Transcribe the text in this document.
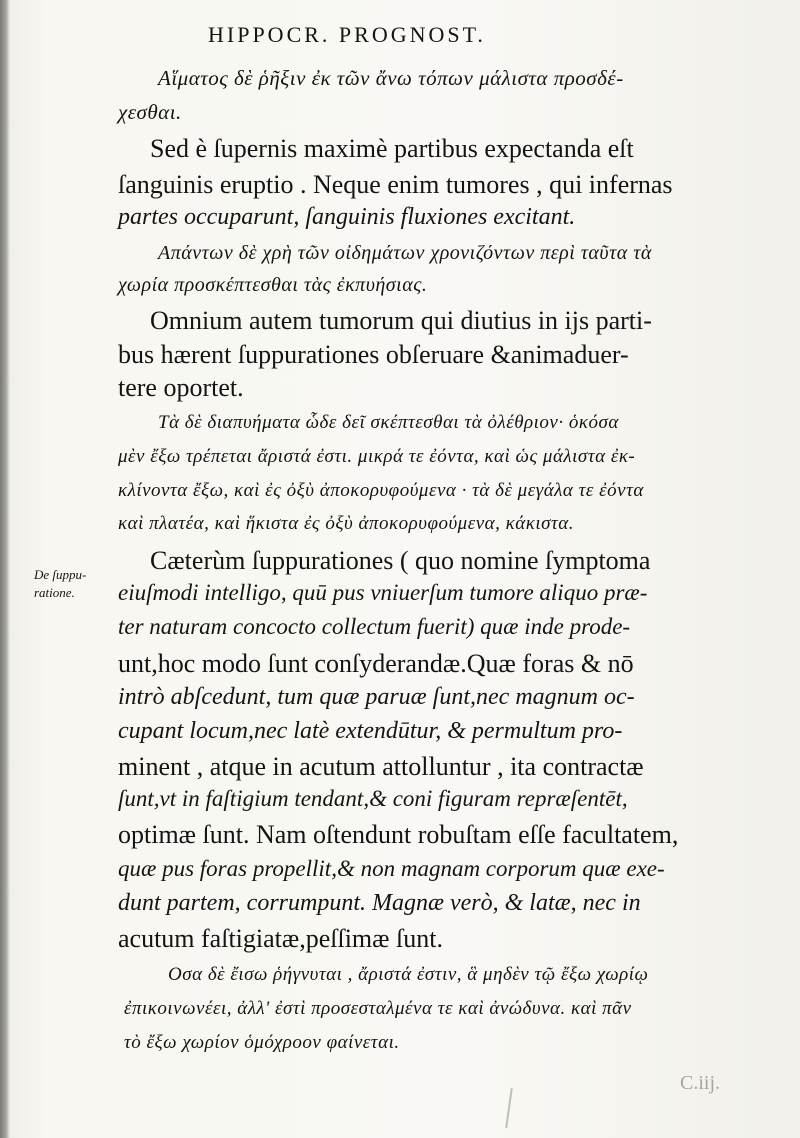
HIPPOCR. PROGNOST.
Αἵματος δὲ ῥῆξιν ἐκ τῶν ἄνω τόπων μάλιστα προσδέ-
χεσθαι.
Sed è ſupernis maximè partibus expectanda eſt
ſanguinis eruptio . Neque enim tumores , qui infernas
partes occuparunt, ſanguinis fluxiones excitant.
Απάντων δὲ χρὴ τῶν οἰδημάτων χρονιζόντων περὶ ταῦτα τὰ
χωρία προσκέπτεσθαι τὰς ἐκπυήσιας.
Omnium autem tumorum qui diutius in ijs parti-
bus hærent ſuppurationes obſeruare &animaduer-
tere oportet.
Τὰ δὲ διαπυήματα ὧδε δεῖ σκέπτεσθαι τὰ ὀλέθριον· ὁκόσα
μὲν ἔξω τρέπεται ἄριστά ἐστι. μικρά τε ἐόντα, καὶ ὡς μάλιστα ἐκ-
κλίνοντα ἔξω, καὶ ἐς ὀξὺ ἀποκορυφούμενα · τὰ δὲ μεγάλα τε ἐόντα
καὶ πλατέα, καὶ ἥκιστα ἐς ὀξὺ ἀποκορυφούμενα, κάκιστα.
De ſuppu-
ratione.
Cæterùm ſuppurationes ( quo nomine ſymptoma
eiuſmodi intelligo, quū pus vniuerſum tumore aliquo præ-
ter naturam concocto collectum fuerit) quæ inde prode-
unt,hoc modo ſunt conſyderandæ.Quæ foras & nō
intrò abſcedunt, tum quæ paruæ ſunt,nec magnum oc-
cupant locum,nec latè extendūtur, & permultum pro-
minent , atque in acutum attolluntur , ita contractæ
ſunt,vt in faſtigium tendant,& coni figuram repræſentēt,
optimæ ſunt. Nam oſtendunt robuſtam eſſe facultatem,
quæ pus foras propellit,& non magnam corporum quæ exe-
dunt partem, corrumpunt. Magnæ verò, & latæ, nec in
acutum faſtigiatæ,peſſimæ ſunt.
Οσα δὲ ἔισω ῥήγνυται , ἄριστά ἐστιν, ἃ μηδὲν τῷ ἔξω χωρίῳ
ἐπικοινωνέει, ἀλλ' ἐστὶ προσεσταλμένα τε καὶ ἀνώδυνα. καὶ πᾶν
τὸ ἔξω χωρίον ὁμόχροον φαίνεται.
C.iij.
